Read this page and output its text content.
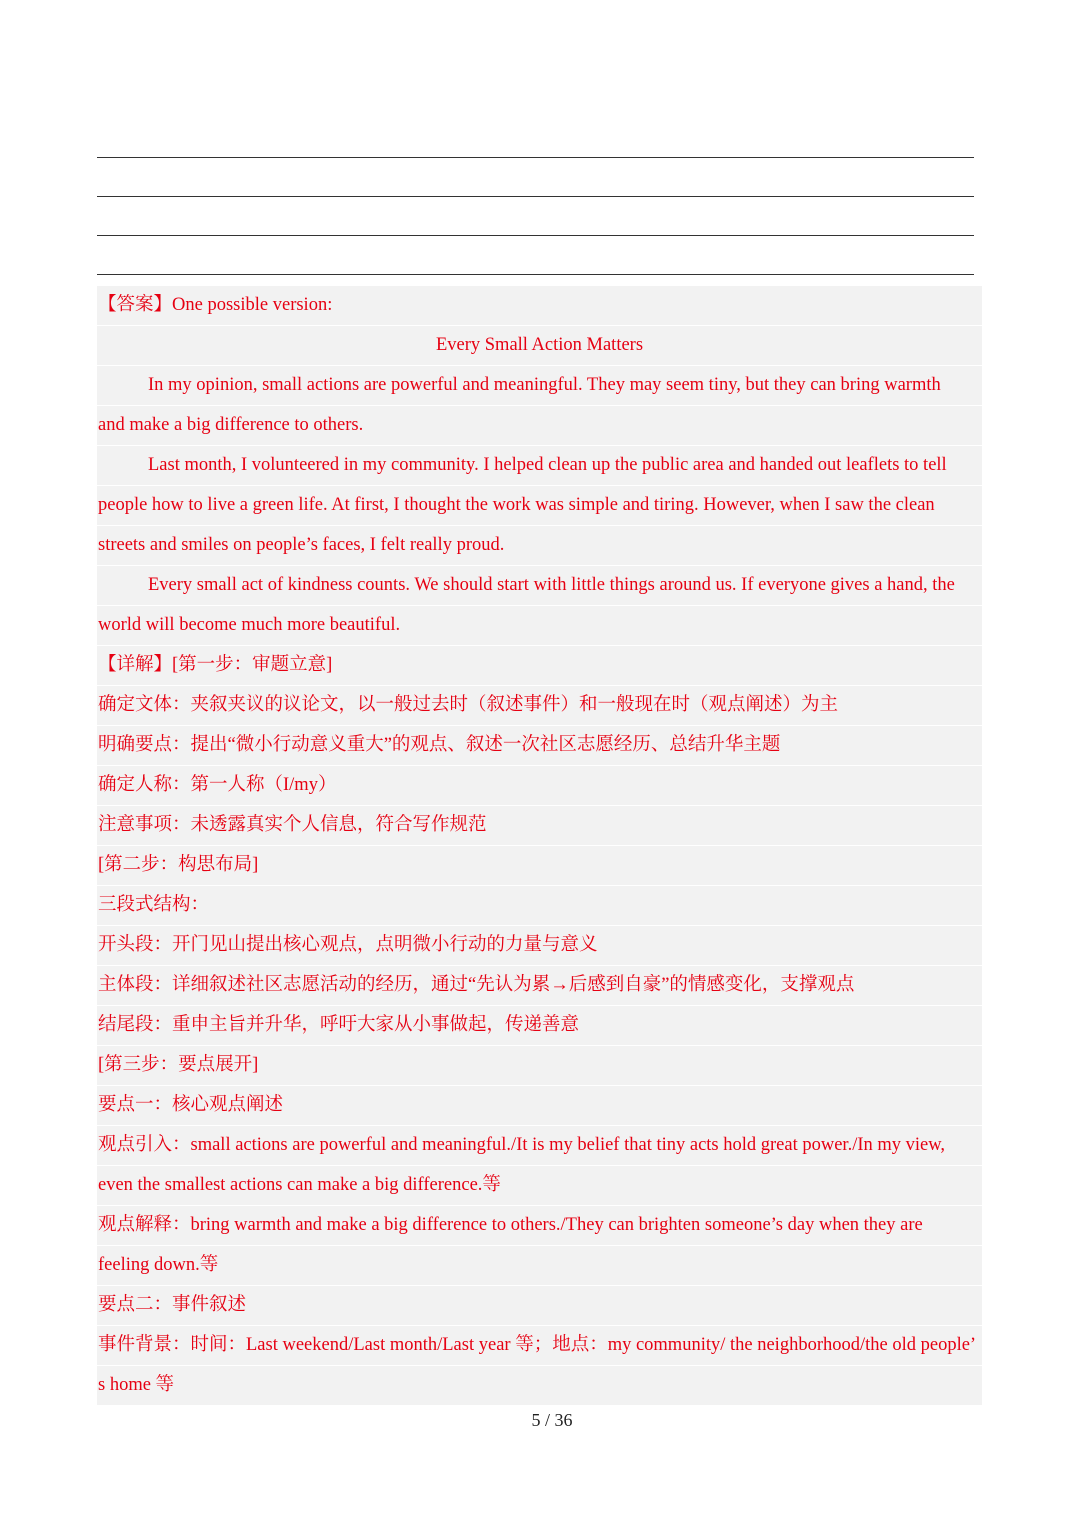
【答案】One possible version:
Every Small Action Matters
In my opinion, small actions are powerful and meaningful. They may seem tiny, but they can bring warmth
and make a big difference to others.
Last month, I volunteered in my community. I helped clean up the public area and handed out leaflets to tell
people how to live a green life. At first, I thought the work was simple and tiring. However, when I saw the clean
streets and smiles on people’s faces, I felt really proud.
Every small act of kindness counts. We should start with little things around us. If everyone gives a hand, the
world will become much more beautiful.
【详解】[第一步：审题立意]
确定文体：夹叙夹议的议论文，以一般过去时（叙述事件）和一般现在时（观点阐述）为主
明确要点：提出“微小行动意义重大”的观点、叙述一次社区志愿经历、总结升华主题
确定人称：第一人称（I/my）
注意事项：未透露真实个人信息，符合写作规范
[第二步：构思布局]
三段式结构：
开头段：开门见山提出核心观点，点明微小行动的力量与意义
主体段：详细叙述社区志愿活动的经历，通过“先认为累→后感到自豪”的情感变化，支撑观点
结尾段：重申主旨并升华，呼吁大家从小事做起，传递善意
[第三步：要点展开]
要点一：核心观点阐述
观点引入：small actions are powerful and meaningful./It is my belief that tiny acts hold great power./In my view,
even the smallest actions can make a big difference.等
观点解释：bring warmth and make a big difference to others./They can brighten someone’s day when they are
feeling down.等
要点二：事件叙述
事件背景：时间：Last weekend/Last month/Last year 等；地点：my community/ the neighborhood/the old people’
s home 等
5 / 36
